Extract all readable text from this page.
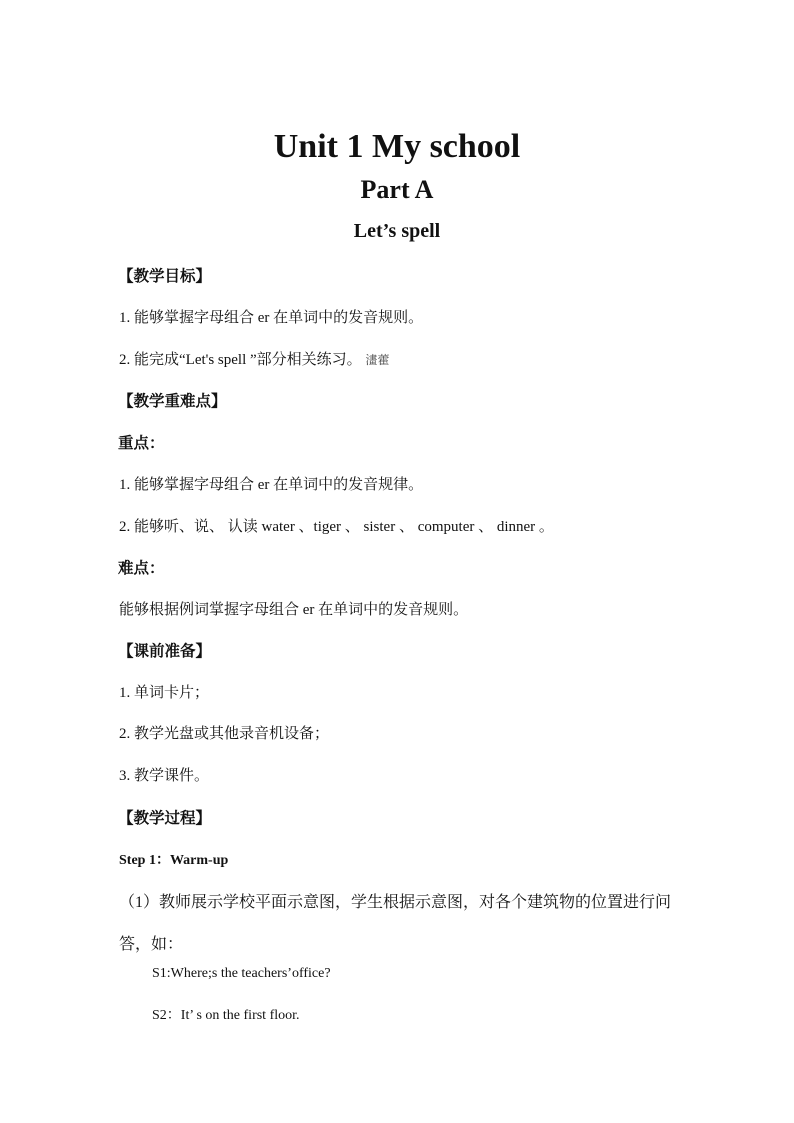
Unit 1 My school
Part A
Let’s spell
【教学目标】
1. 能够掌握字母组合 er 在单词中的发音规则。
2. 能完成“Let's spell ”部分相关练习。 澅藿
【教学重难点】
重点：
1. 能够掌握字母组合 er 在单词中的发音规律。
2. 能够听、说、 认读 water 、tiger 、 sister 、 computer 、 dinner 。
难点：
能够根据例词掌握字母组合 er 在单词中的发音规则。
【课前准备】
1. 单词卡片；
2. 教学光盘或其他录音机设备；
3. 教学课件。
【教学过程】
Step 1：Warm-up
（1）教师展示学校平面示意图，学生根据示意图，对各个建筑物的位置进行问
答，如：
S1:Where;s the teachers’office?
S2：It’ s on the first floor.
